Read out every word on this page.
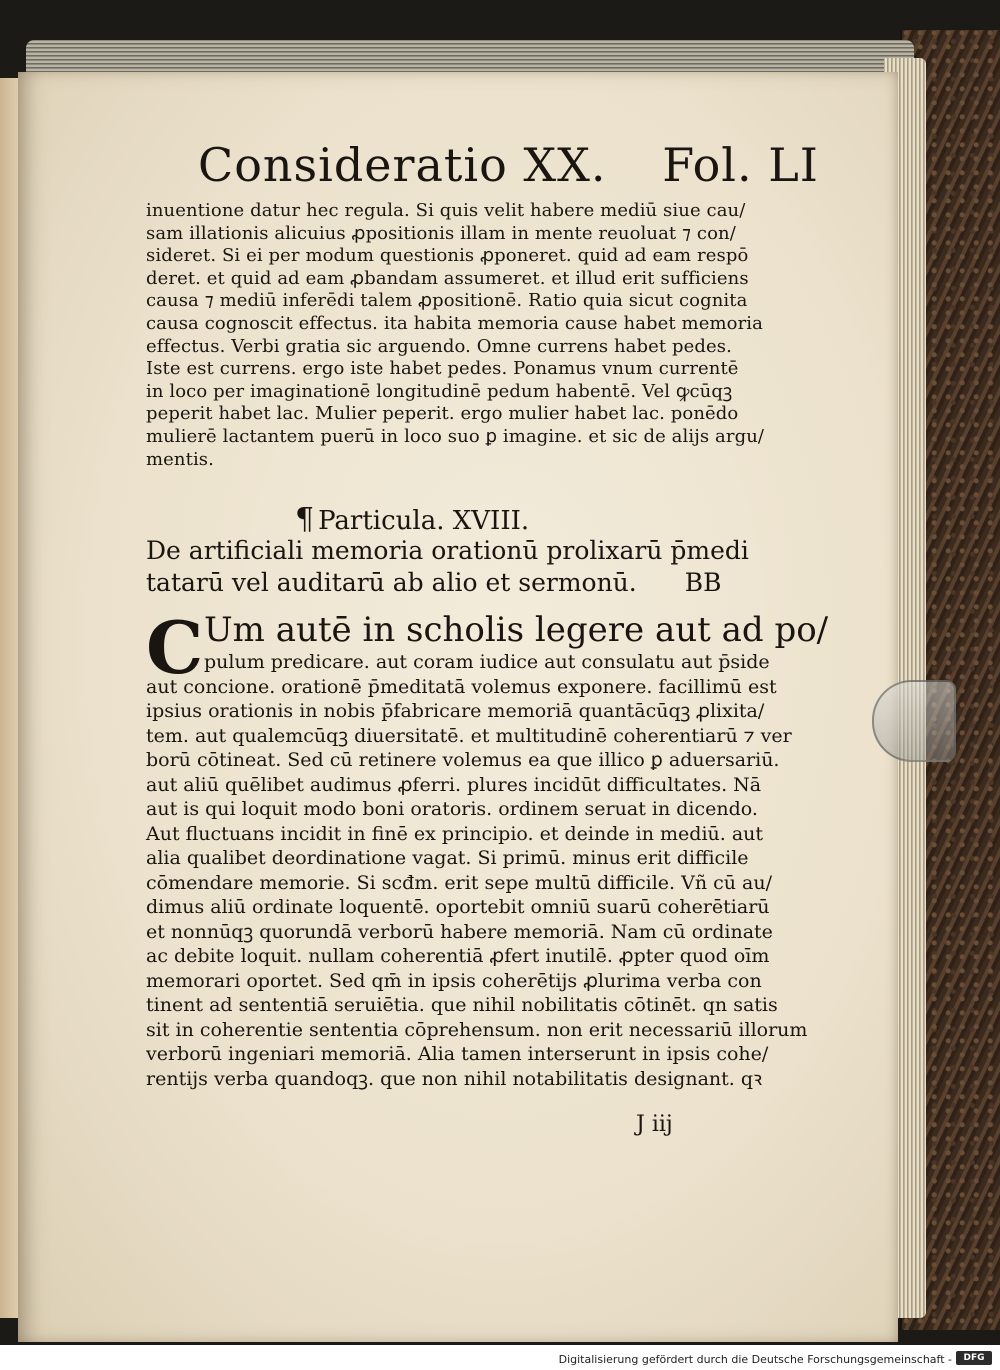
Consideratio XX. Fol. LI
inuentione datur hec regula. Si quis velit habere mediū siue cau/
sam illationis alicuius ꝓpositionis illam in mente reuoluat ⁊ con/
sideret. Si ei per modum questionis ꝓponeret. quid ad eam respō
deret. et quid ad eam ꝓbandam assumeret. et illud erit sufficiens
causa ⁊ mediū inferēdi talem ꝓpositionē. Ratio quia sicut cognita
causa cognoscit effectus. ita habita memoria cause habet memoria
effectus. Verbi gratia sic arguendo. Omne currens habet pedes.
Iste est currens. ergo iste habet pedes. Ponamus vnum currentē
in loco per imaginationē longitudinē pedum habentē. Vel ꝙcūqꝫ
peperit habet lac. Mulier peperit. ergo mulier habet lac. ponēdo
mulierē lactantem puerū in loco suo ꝑ imagine. et sic de alijs argu/
mentis.
¶ Particula. XVIII.
De artificiali memoria orationū prolixarū p̄medi
tatarū vel auditarū ab alio et sermonū. BB
C Um autē in scholis legere aut ad po/
pulum predicare. aut coram iudice aut consulatu aut p̄side
aut concione. orationē p̄meditatā volemus exponere. facillimū est
ipsius orationis in nobis p̄fabricare memoriā quantācūqꝫ ꝓlixita/
tem. aut qualemcūqꝫ diuersitatē. et multitudinē coherentiarū ⁊ ver
borū cōtineat. Sed cū retinere volemus ea que illico ꝑ aduersariū.
aut aliū quēlibet audimus ꝓferri. plures incidūt difficultates. Nā
aut is qui loquit modo boni oratoris. ordinem seruat in dicendo.
Aut fluctuans incidit in finē ex principio. et deinde in mediū. aut
alia qualibet deordinatione vagat. Si primū. minus erit difficile
cōmendare memorie. Si scđm. erit sepe multū difficile. Vñ cū au/
dimus aliū ordinate loquentē. oportebit omniū suarū coherētiarū
et nonnūqꝫ quorundā verborū habere memoriā. Nam cū ordinate
ac debite loquit. nullam coherentiā ꝓfert inutilē. ꝓpter quod oīm
memorari oportet. Sed qm̄ in ipsis coherētijs ꝓlurima verba con
tinent ad sententiā seruiētia. que nihil nobilitatis cōtinēt. qn satis
sit in coherentie sententia cōprehensum. non erit necessariū illorum
verborū ingeniari memoriā. Alia tamen interserunt in ipsis cohe/
rentijs verba quandoqꝫ. que non nihil notabilitatis designant. qꝛ
J iij
Digitalisierung gefördert durch die Deutsche Forschungsgemeinschaft -	DFG
